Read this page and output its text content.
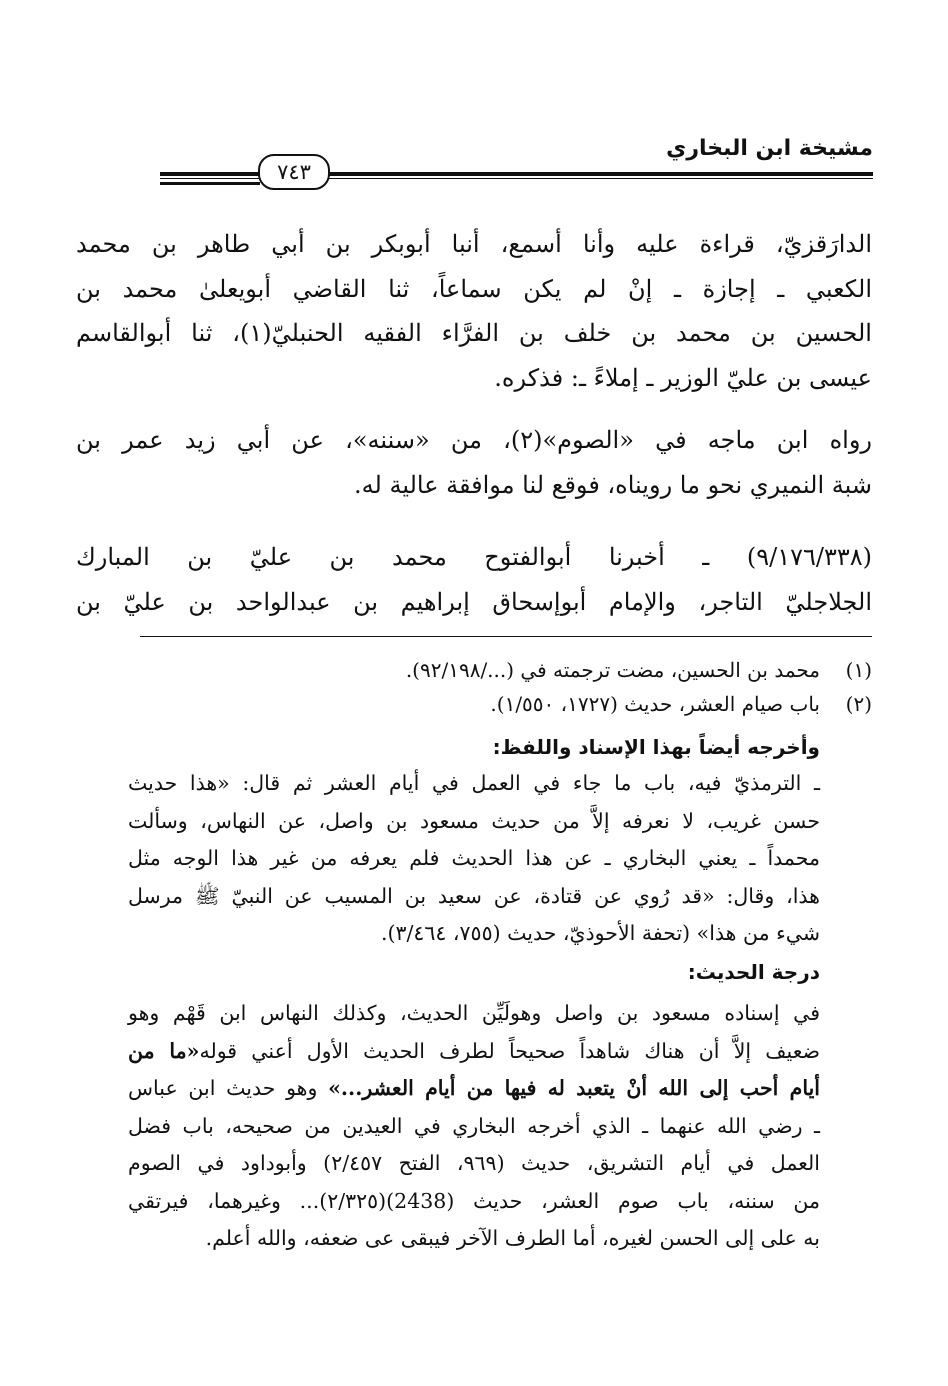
مشيخة ابن البخاري
٧٤٣
الدارَقزيّ، قراءة عليه وأنا أسمع، أنبا أبوبكر بن أبي طاهر بن محمد
الكعبي ـ إجازة ـ إنْ لم يكن سماعاً، ثنا القاضي أبويعلىٰ محمد بن
الحسين بن محمد بن خلف بن الفرَّاء الفقيه الحنبليّ(١)، ثنا أبوالقاسم
عيسى بن عليّ الوزير ـ إملاءً ـ: فذكره.
رواه ابن ماجه في «الصوم»(٢)، من «سننه»، عن أبي زيد عمر بن
شبة النميري نحو ما رويناه، فوقع لنا موافقة عالية له.
(٩/١٧٦/٣٣٨) ـ أخبرنا أبوالفتوح محمد بن عليّ بن المبارك
الجلاجليّ التاجر، والإمام أبوإسحاق إبراهيم بن عبدالواحد بن عليّ بن
(١)
محمد بن الحسين، مضت ترجمته في (.../٩٢/١٩٨).
(٢)
باب صيام العشر، حديث (١٧٢٧، ١/٥٥٠).
وأخرجه أيضاً بهذا الإسناد واللفظ:
ـ الترمذيّ فيه، باب ما جاء في العمل في أيام العشر ثم قال: «هذا حديث
حسن غريب، لا نعرفه إلاَّ من حديث مسعود بن واصل، عن النهاس، وسألت
محمداً ـ يعني البخاري ـ عن هذا الحديث فلم يعرفه من غير هذا الوجه مثل
هذا، وقال: «قد رُوي عن قتادة، عن سعيد بن المسيب عن النبيّ ﷺ مرسل
شيء من هذا» (تحفة الأحوذيّ، حديث (٧٥٥، ٣/٤٦٤).
درجة الحديث:
في إسناده مسعود بن واصل وهولَيِّن الحديث، وكذلك النهاس ابن قَهْم وهو
ضعيف إلاَّ أن هناك شاهداً صحيحاً لطرف الحديث الأول أعني قوله«ما من
أيام أحب إلى الله أنْ يتعبد له فيها من أيام العشر...» وهو حديث ابن عباس
ـ رضي الله عنهما ـ الذي أخرجه البخاري في العيدين من صحيحه، باب فضل
العمل في أيام التشريق، حديث (٩٦٩، الفتح ٢/٤٥٧) وأبوداود في الصوم
من سننه، باب صوم العشر، حديث (2438)(٢/٣٢٥)... وغيرهما، فيرتقي
به على إلى الحسن لغيره، أما الطرف الآخر فيبقى عى ضعفه، والله أعلم.
